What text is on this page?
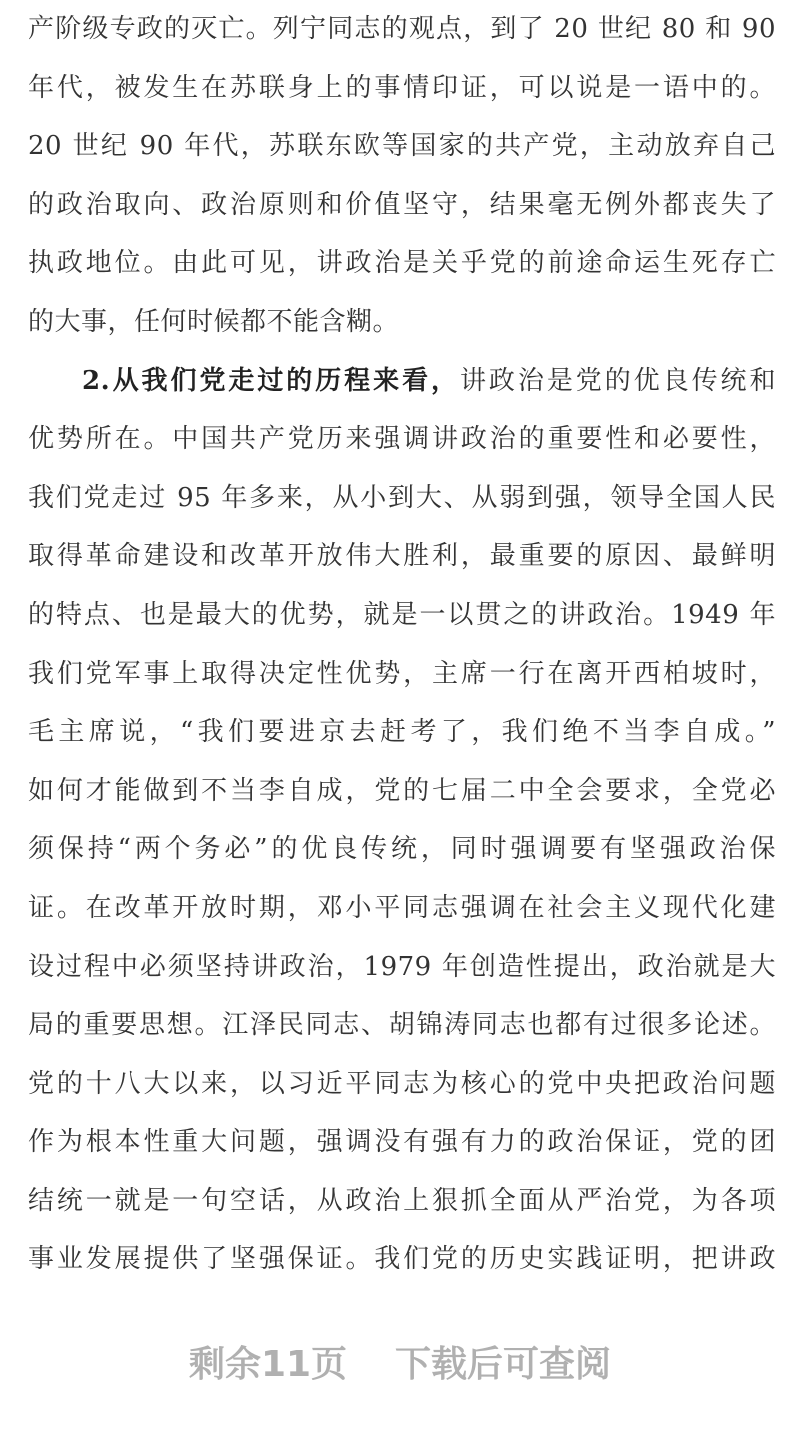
产阶级专政的灭亡。列宁同志的观点，到了 20 世纪 80 和 90
年代，被发生在苏联身上的事情印证，可以说是一语中的。
20 世纪 90 年代，苏联东欧等国家的共产党，主动放弃自己
的政治取向、政治原则和价值坚守，结果毫无例外都丧失了
执政地位。由此可见，讲政治是关乎党的前途命运生死存亡
的大事，任何时候都不能含糊。
2.从我们党走过的历程来看，讲政治是党的优良传统和
优势所在。中国共产党历来强调讲政治的重要性和必要性，
我们党走过 95 年多来，从小到大、从弱到强，领导全国人民
取得革命建设和改革开放伟大胜利，最重要的原因、最鲜明
的特点、也是最大的优势，就是一以贯之的讲政治。1949 年
我们党军事上取得决定性优势，主席一行在离开西柏坡时，
毛主席说，“我们要进京去赶考了，我们绝不当李自成。”
如何才能做到不当李自成，党的七届二中全会要求，全党必
须保持“两个务必”的优良传统，同时强调要有坚强政治保
证。在改革开放时期，邓小平同志强调在社会主义现代化建
设过程中必须坚持讲政治，1979 年创造性提出，政治就是大
局的重要思想。江泽民同志、胡锦涛同志也都有过很多论述。
党的十八大以来，以习近平同志为核心的党中央把政治问题
作为根本性重大问题，强调没有强有力的政治保证，党的团
结统一就是一句空话，从政治上狠抓全面从严治党，为各项
事业发展提供了坚强保证。我们党的历史实践证明，把讲政
剩余11页 下载后可查阅
